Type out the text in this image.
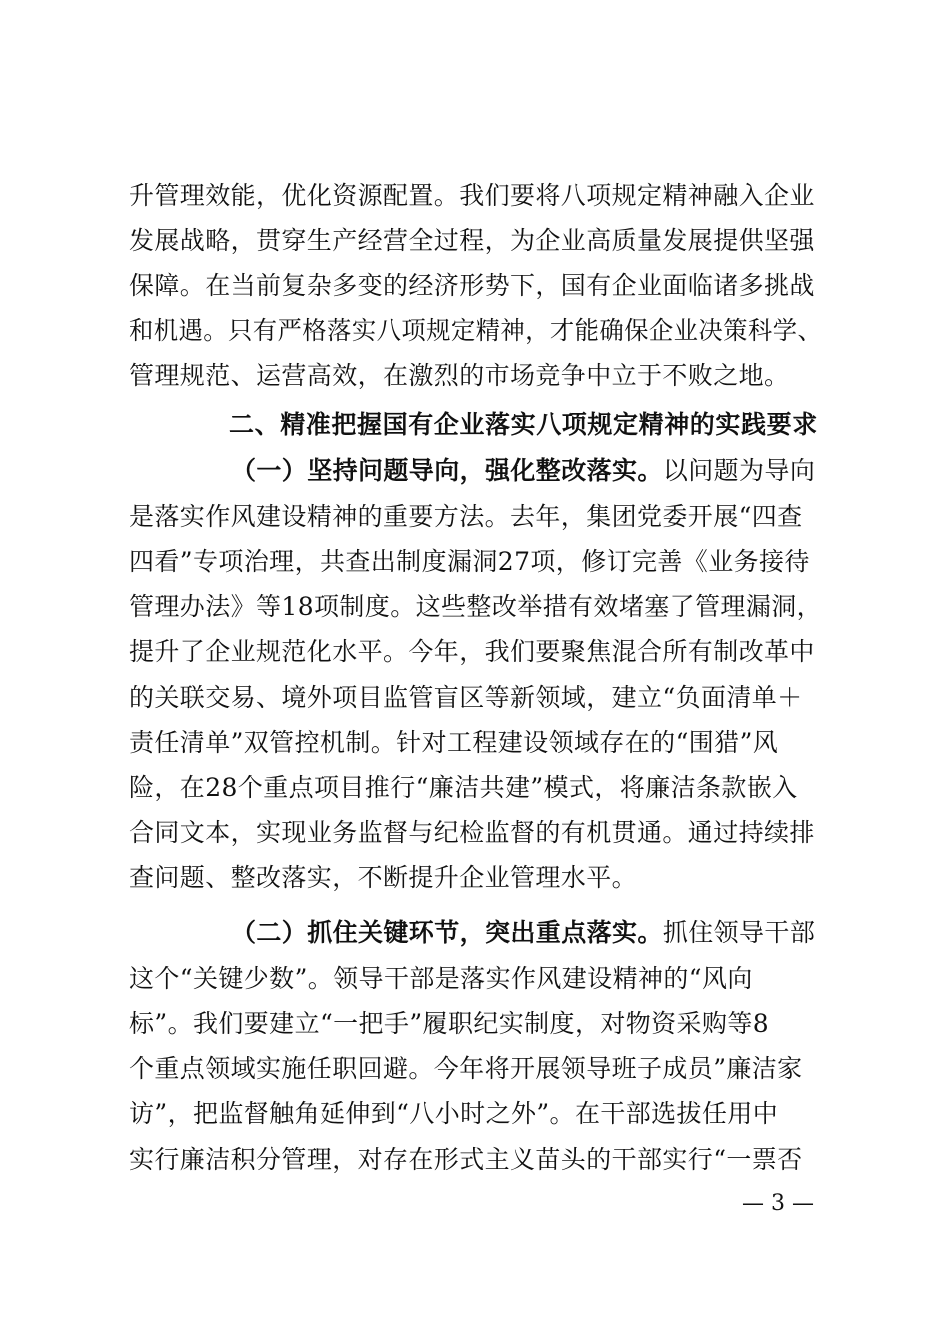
升管理效能，优化资源配置。我们要将八项规定精神融入企业
发展战略，贯穿生产经营全过程，为企业高质量发展提供坚强
保障。在当前复杂多变的经济形势下，国有企业面临诸多挑战
和机遇。只有严格落实八项规定精神，才能确保企业决策科学、
管理规范、运营高效，在激烈的市场竞争中立于不败之地。
二、精准把握国有企业落实八项规定精神的实践要求
（一）坚持问题导向，强化整改落实。以问题为导向
是落实作风建设精神的重要方法。去年，集团党委开展“四查
四看”专项治理，共查出制度漏洞27项，修订完善《业务接待
管理办法》等18项制度。这些整改举措有效堵塞了管理漏洞，
提升了企业规范化水平。今年，我们要聚焦混合所有制改革中
的关联交易、境外项目监管盲区等新领域，建立“负面清单＋
责任清单”双管控机制。针对工程建设领域存在的“围猎”风
险，在28个重点项目推行“廉洁共建”模式，将廉洁条款嵌入
合同文本，实现业务监督与纪检监督的有机贯通。通过持续排
查问题、整改落实，不断提升企业管理水平。
（二）抓住关键环节，突出重点落实。抓住领导干部
这个“关键少数”。领导干部是落实作风建设精神的“风向
标”。我们要建立“一把手”履职纪实制度，对物资采购等8
个重点领域实施任职回避。今年将开展领导班子成员”廉洁家
访”，把监督触角延伸到“八小时之外”。在干部选拔任用中
实行廉洁积分管理，对存在形式主义苗头的干部实行“一票否
— 3 —
